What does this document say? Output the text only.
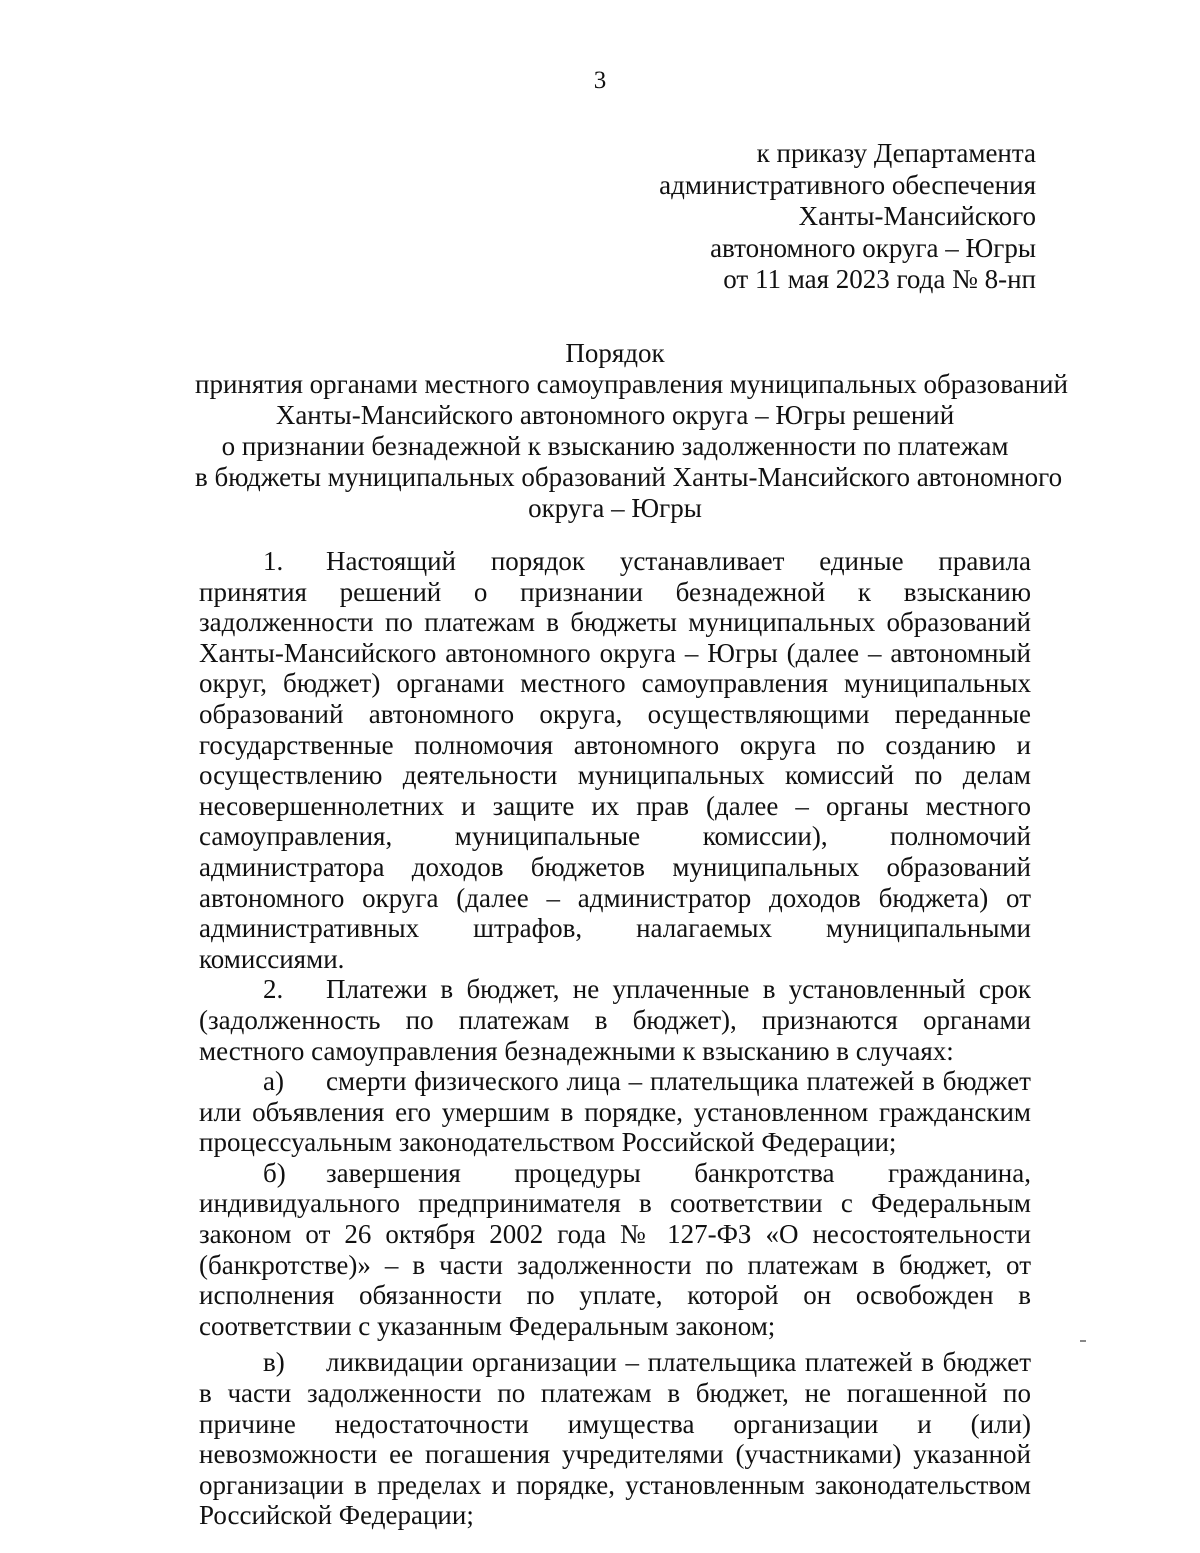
3
к приказу Департамента
административного обеспечения
Ханты-Мансийского
автономного округа – Югры
от 11 мая 2023 года № 8-нп
Порядок
принятия органами местного самоуправления муниципальных образований
Ханты-Мансийского автономного округа – Югры решений
о признании безнадежной к взысканию задолженности по платежам
в бюджеты муниципальных образований Ханты-Мансийского автономного
округа – Югры

1. Настоящий порядок устанавливает единые правила принятия решений о признании безнадежной к взысканию задолженности по платежам в бюджеты муниципальных образований Ханты-Мансийского автономного округа – Югры (далее – автономный округ, бюджет) органами местного самоуправления муниципальных образований автономного округа, осуществляющими переданные государственные полномочия автономного округа по созданию и осуществлению деятельности муниципальных комиссий по делам несовершеннолетних и защите их прав (далее – органы местного самоуправления, муниципальные комиссии), полномочий администратора доходов бюджетов муниципальных образований автономного округа (далее – администратор доходов бюджета) от административных штрафов, налагаемых муниципальными комиссиями.

2. Платежи в бюджет, не уплаченные в установленный срок (задолженность по платежам в бюджет), признаются органами местного самоуправления безнадежными к взысканию в случаях:

а) смерти физического лица – плательщика платежей в бюджет или объявления его умершим в порядке, установленном гражданским процессуальным законодательством Российской Федерации;

б) завершения процедуры банкротства гражданина, индивидуального предпринимателя в соответствии с Федеральным законом от 26 октября 2002 года № 127-ФЗ «О несостоятельности (банкротстве)» – в части задолженности по платежам в бюджет, от исполнения обязанности по уплате, которой он освобожден в соответствии с указанным Федеральным законом;

в) ликвидации организации – плательщика платежей в бюджет в части задолженности по платежам в бюджет, не погашенной по причине недостаточности имущества организации и (или) невозможности ее погашения учредителями (участниками) указанной организации в пределах и порядке, установленным законодательством Российской Федерации;
